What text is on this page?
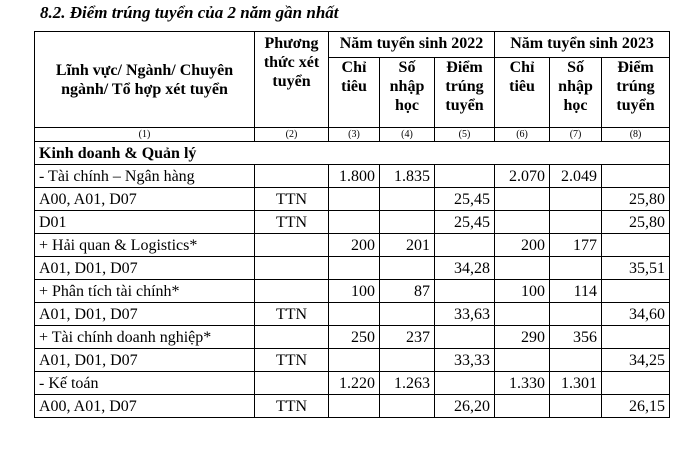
8.2. Điểm trúng tuyển của 2 năm gần nhất
Lĩnh vực/ Ngành/ Chuyên ngành/ Tổ hợp xét tuyển	Phương thức xét tuyển	Năm tuyển sinh 2022			Năm tuyển sinh 2023		
		Chỉ tiêu	Số nhập học	Điểm trúng tuyển	Chỉ tiêu	Số nhập học	Điểm trúng tuyển
(1)	(2)	(3)	(4)	(5)	(6)	(7)	(8)
Kinh doanh & Quản lý							
- Tài chính – Ngân hàng		1.800	1.835		2.070	2.049	
A00, A01, D07	TTN			25,45			25,80
D01	TTN			25,45			25,80
+ Hải quan & Logistics*		200	201		200	177	
A01, D01, D07				34,28			35,51
+ Phân tích tài chính*		100	87		100	114	
A01, D01, D07	TTN			33,63			34,60
+ Tài chính doanh nghiệp*		250	237		290	356	
A01, D01, D07	TTN			33,33			34,25
- Kế toán		1.220	1.263		1.330	1.301	
A00, A01, D07	TTN			26,20			26,15
